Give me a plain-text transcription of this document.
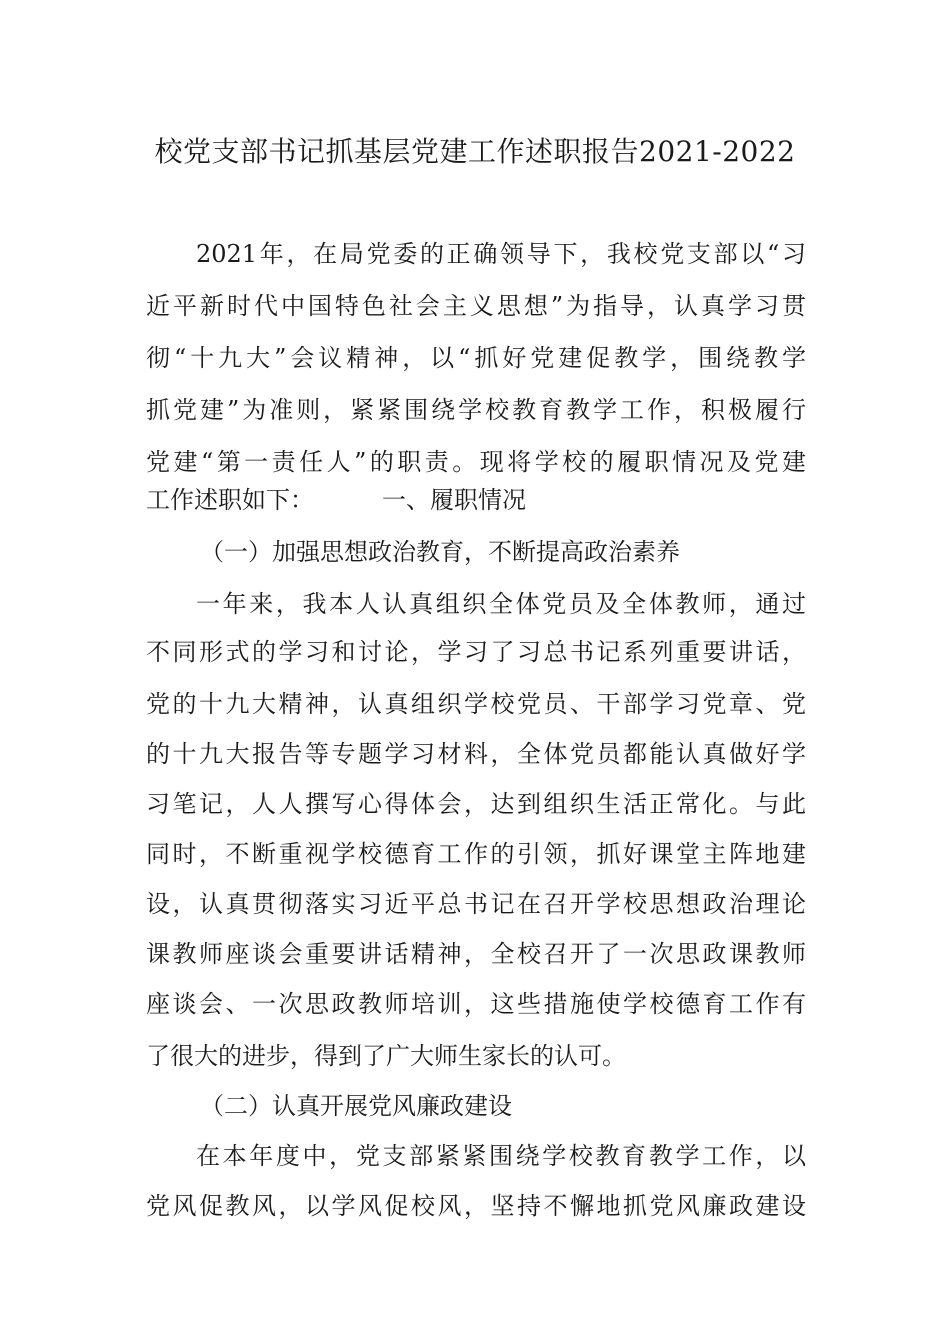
校党支部书记抓基层党建工作述职报告2021-2022
2021年，在局党委的正确领导下，我校党支部以“习
近平新时代中国特色社会主义思想”为指导，认真学习贯
彻“十九大”会议精神，以“抓好党建促教学，围绕教学
抓党建”为准则，紧紧围绕学校教育教学工作，积极履行
党建“第一责任人”的职责。现将学校的履职情况及党建
工作述职如下：	一、履职情况
（一）加强思想政治教育，不断提高政治素养
一年来，我本人认真组织全体党员及全体教师，通过
不同形式的学习和讨论，学习了习总书记系列重要讲话，
党的十九大精神，认真组织学校党员、干部学习党章、党
的十九大报告等专题学习材料，全体党员都能认真做好学
习笔记，人人撰写心得体会，达到组织生活正常化。与此
同时，不断重视学校德育工作的引领，抓好课堂主阵地建
设，认真贯彻落实习近平总书记在召开学校思想政治理论
课教师座谈会重要讲话精神，全校召开了一次思政课教师
座谈会、一次思政教师培训，这些措施使学校德育工作有
了很大的进步，得到了广大师生家长的认可。
（二）认真开展党风廉政建设
在本年度中，党支部紧紧围绕学校教育教学工作，以
党风促教风，以学风促校风，坚持不懈地抓党风廉政建设
